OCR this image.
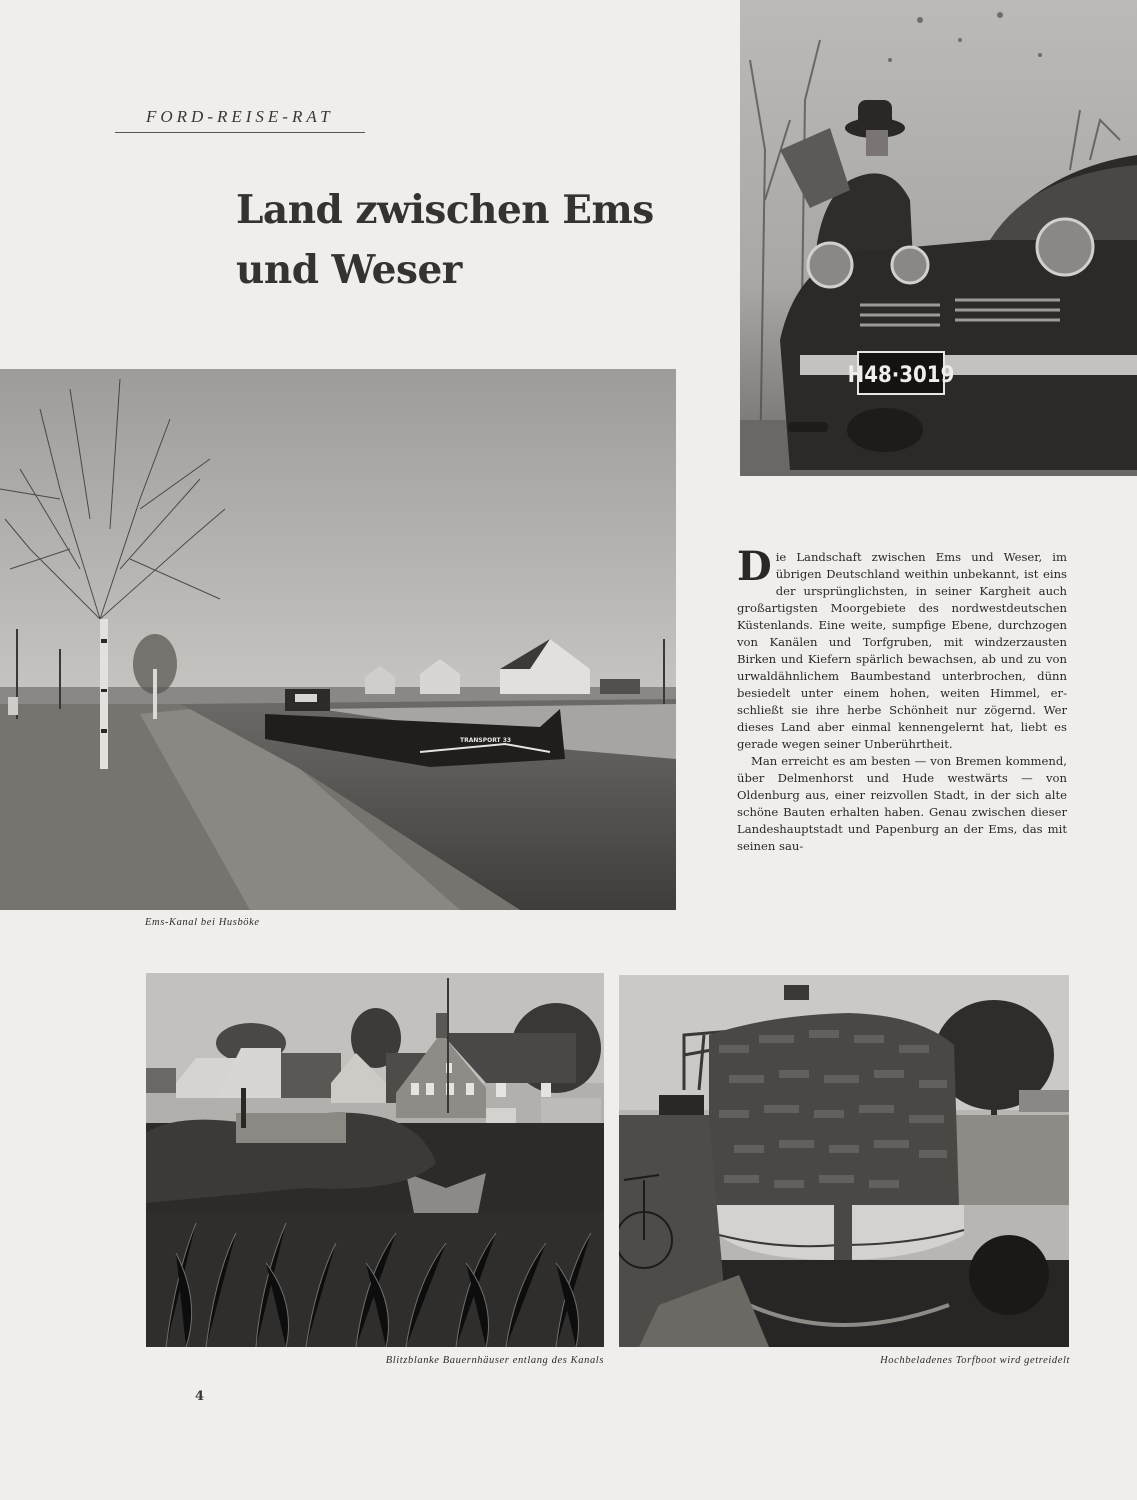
FORD-REISE-RAT
Land zwischen Ems
und Weser
H48·3019
TRANSPORT 33
Ems-Kanal bei Husböke

Die Landschaft zwischen Ems und Weser, im übrigen Deutschland weithin unbekannt, ist eins der ursprünglichsten, in seiner Kargheit auch großartigsten Moorgebiete des nordwestdeutschen Küstenlands. Eine weite, sumpfige Ebene, durchzogen von Kanälen und Torfgruben, mit windzerzausten Birken und Kiefern spärlich bewachsen, ab und zu von urwaldähnlichem Baumbestand unterbrochen, dünn besiedelt unter einem hohen, weiten Himmel, erschließt sie ihre herbe Schönheit nur zögernd. Wer dieses Land aber einmal kennengelernt hat, liebt es gerade wegen seiner Unberührtheit.

Man erreicht es am besten — von Bremen kommend, über Delmenhorst und Hude westwärts — von Oldenburg aus, einer reizvollen Stadt, in der sich alte schöne Bauten erhalten haben. Genau zwischen dieser Landeshauptstadt und Papenburg an der Ems, das mit seinen sau-

Blitzblanke Bauernhäuser entlang des Kanals	Hochbeladenes Torfboot wird getreidelt
4
